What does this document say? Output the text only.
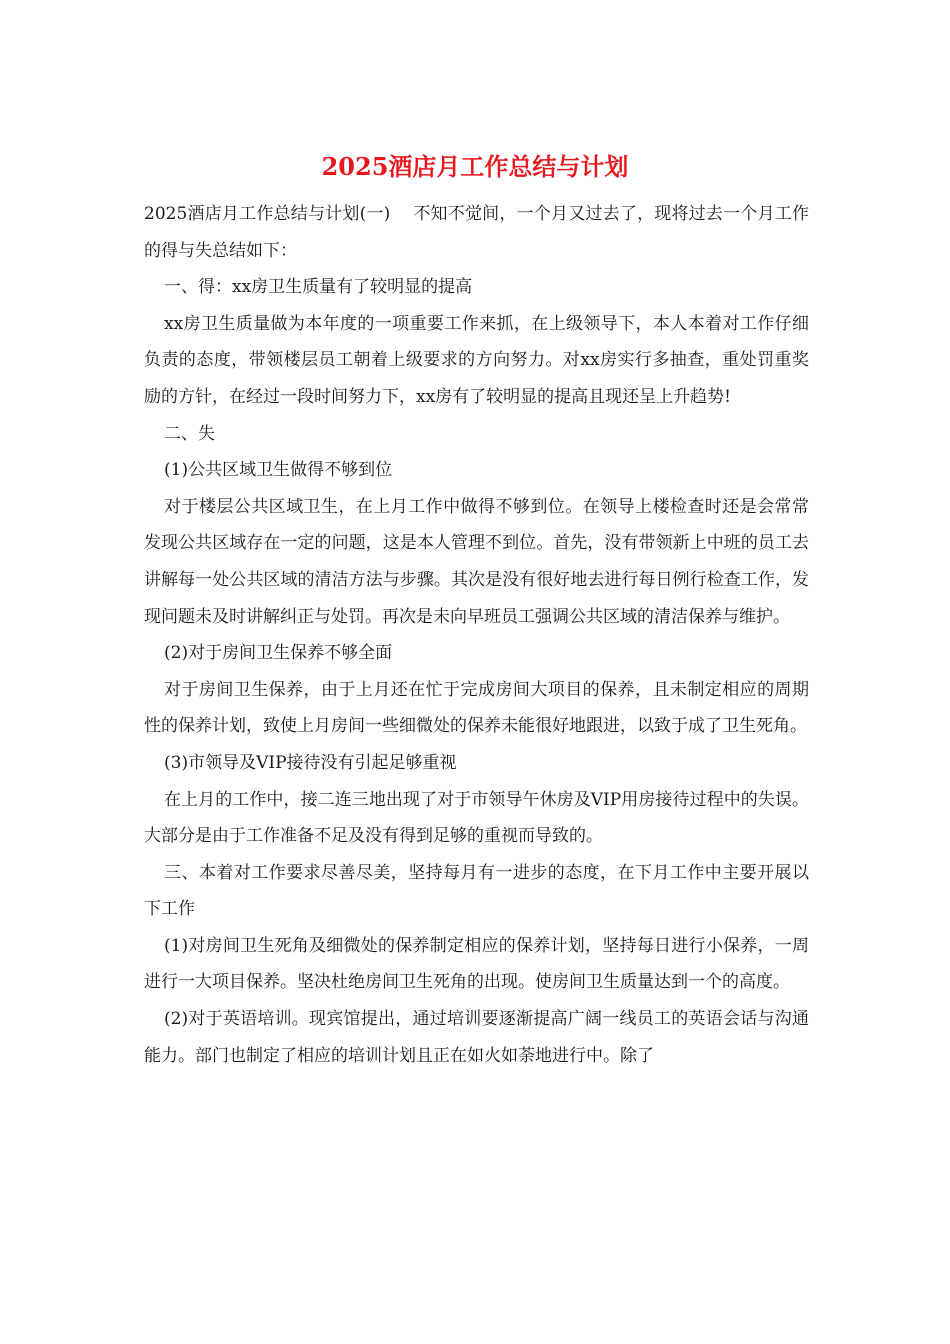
2025酒店月工作总结与计划

2025酒店月工作总结与计划(一)　 不知不觉间，一个月又过去了，现将过去一个月工作的得与失总结如下：

一、得：xx房卫生质量有了较明显的提高

xx房卫生质量做为本年度的一项重要工作来抓，在上级领导下，本人本着对工作仔细负责的态度，带领楼层员工朝着上级要求的方向努力。对xx房实行多抽查，重处罚重奖励的方针，在经过一段时间努力下，xx房有了较明显的提高且现还呈上升趋势!

二、失

(1)公共区域卫生做得不够到位

对于楼层公共区域卫生，在上月工作中做得不够到位。在领导上楼检查时还是会常常发现公共区域存在一定的问题，这是本人管理不到位。首先，没有带领新上中班的员工去讲解每一处公共区域的清洁方法与步骤。其次是没有很好地去进行每日例行检查工作，发现问题未及时讲解纠正与处罚。再次是未向早班员工强调公共区域的清洁保养与维护。

(2)对于房间卫生保养不够全面

对于房间卫生保养，由于上月还在忙于完成房间大项目的保养，且未制定相应的周期性的保养计划，致使上月房间一些细微处的保养未能很好地跟进，以致于成了卫生死角。

(3)市领导及VIP接待没有引起足够重视

在上月的工作中，接二连三地出现了对于市领导午休房及VIP用房接待过程中的失误。大部分是由于工作准备不足及没有得到足够的重视而导致的。

三、本着对工作要求尽善尽美，坚持每月有一进步的态度，在下月工作中主要开展以下工作

(1)对房间卫生死角及细微处的保养制定相应的保养计划，坚持每日进行小保养，一周进行一大项目保养。坚决杜绝房间卫生死角的出现。使房间卫生质量达到一个的高度。

(2)对于英语培训。现宾馆提出，通过培训要逐渐提高广阔一线员工的英语会话与沟通能力。部门也制定了相应的培训计划且正在如火如荼地进行中。除了
